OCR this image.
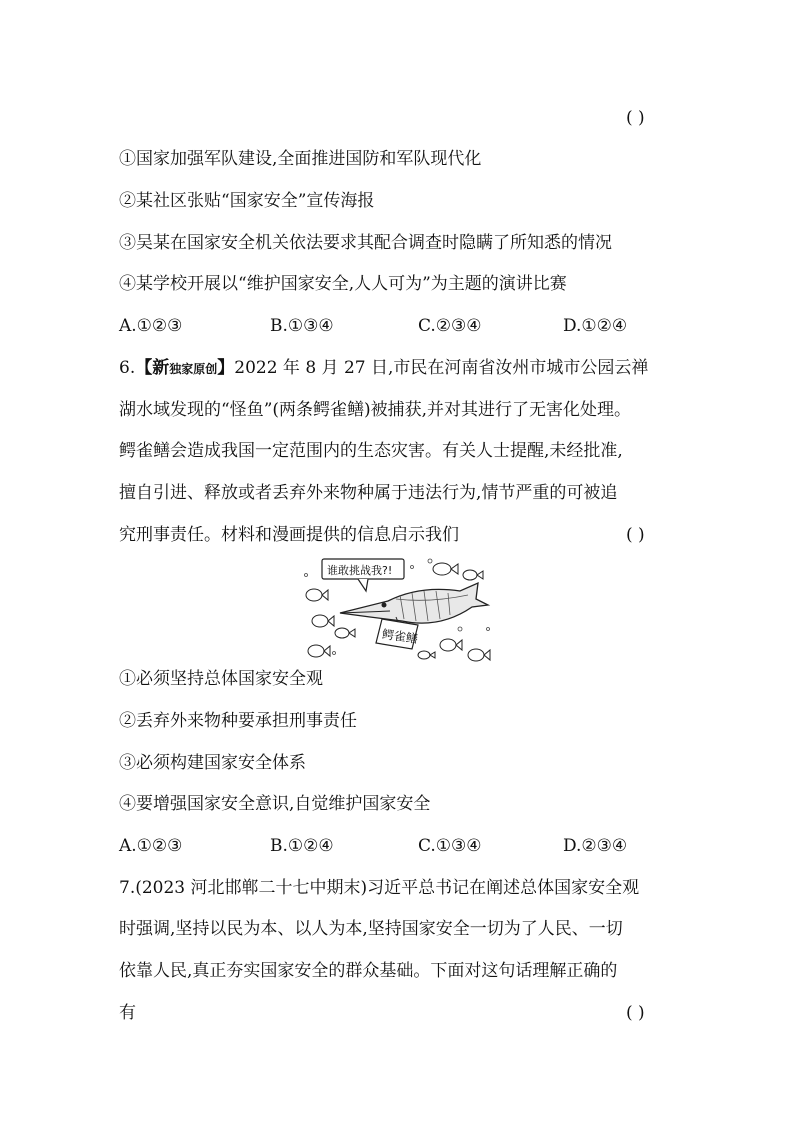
( )
①国家加强军队建设,全面推进国防和军队现代化
②某社区张贴“国家安全”宣传海报
③吴某在国家安全机关依法要求其配合调查时隐瞒了所知悉的情况
④某学校开展以“维护国家安全,人人可为”为主题的演讲比赛
A.①②③	B.①③④	C.②③④	D.①②④
6.【新独家原创】2022 年 8 月 27 日,市民在河南省汝州市城市公园云禅
湖水域发现的“怪鱼”(两条鳄雀鳝)被捕获,并对其进行了无害化处理。
鳄雀鳝会造成我国一定范围内的生态灾害。有关人士提醒,未经批准,
擅自引进、释放或者丢弃外来物种属于违法行为,情节严重的可被追
究刑事责任。材料和漫画提供的信息启示我们	( )
谁敢挑战我?!
鳄雀鳝
①必须坚持总体国家安全观
②丢弃外来物种要承担刑事责任
③必须构建国家安全体系
④要增强国家安全意识,自觉维护国家安全
A.①②③	B.①②④	C.①③④	D.②③④
7.(2023 河北邯郸二十七中期末)习近平总书记在阐述总体国家安全观
时强调,坚持以民为本、以人为本,坚持国家安全一切为了人民、一切
依靠人民,真正夯实国家安全的群众基础。下面对这句话理解正确的
有	( )
